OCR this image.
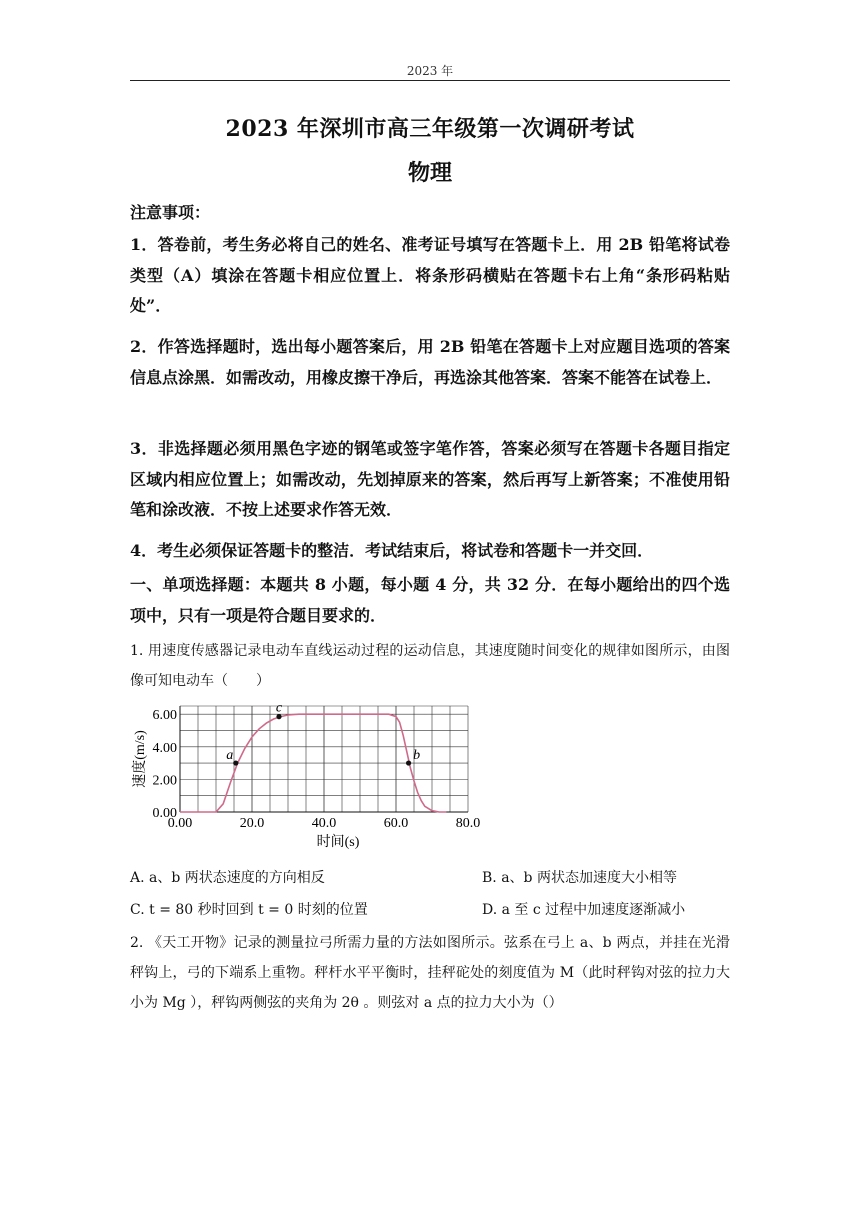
2023 年
2023 年深圳市高三年级第一次调研考试
物理
注意事项：
1．答卷前，考生务必将自己的姓名、准考证号填写在答题卡上．用 2B 铅笔将试卷类型（A）填涂在答题卡相应位置上．将条形码横贴在答题卡右上角“条形码粘贴处”．
2．作答选择题时，选出每小题答案后，用 2B 铅笔在答题卡上对应题目选项的答案信息点涂黑．如需改动，用橡皮擦干净后，再选涂其他答案．答案不能答在试卷上．
3．非选择题必须用黑色字迹的钢笔或签字笔作答，答案必须写在答题卡各题目指定区域内相应位置上；如需改动，先划掉原来的答案，然后再写上新答案；不准使用铅笔和涂改液．不按上述要求作答无效．
4．考生必须保证答题卡的整洁．考试结束后，将试卷和答题卡一并交回．
一、单项选择题：本题共 8 小题，每小题 4 分，共 32 分．在每小题给出的四个选项中，只有一项是符合题目要求的．
1. 用速度传感器记录电动车直线运动过程的运动信息，其速度随时间变化的规律如图所示，由图像可知电动车（　　）
0.00	20.0	40.0	60.0	80.0
0.00
2.00
4.00
6.00
a
c
b
时间(s)
速度(m/s)
A. a、b 两状态速度的方向相反	B. a、b 两状态加速度大小相等
C. t = 80 秒时回到 t = 0 时刻的位置	D. a 至 c 过程中加速度逐渐减小
2. 《天工开物》记录的测量拉弓所需力量的方法如图所示。弦系在弓上 a、b 两点，并挂在光滑秤钩上，弓的下端系上重物。秤杆水平平衡时，挂秤砣处的刻度值为 M（此时秤钩对弦的拉力大小为 Mg ），秤钩两侧弦的夹角为 2θ 。则弦对 a 点的拉力大小为（）
